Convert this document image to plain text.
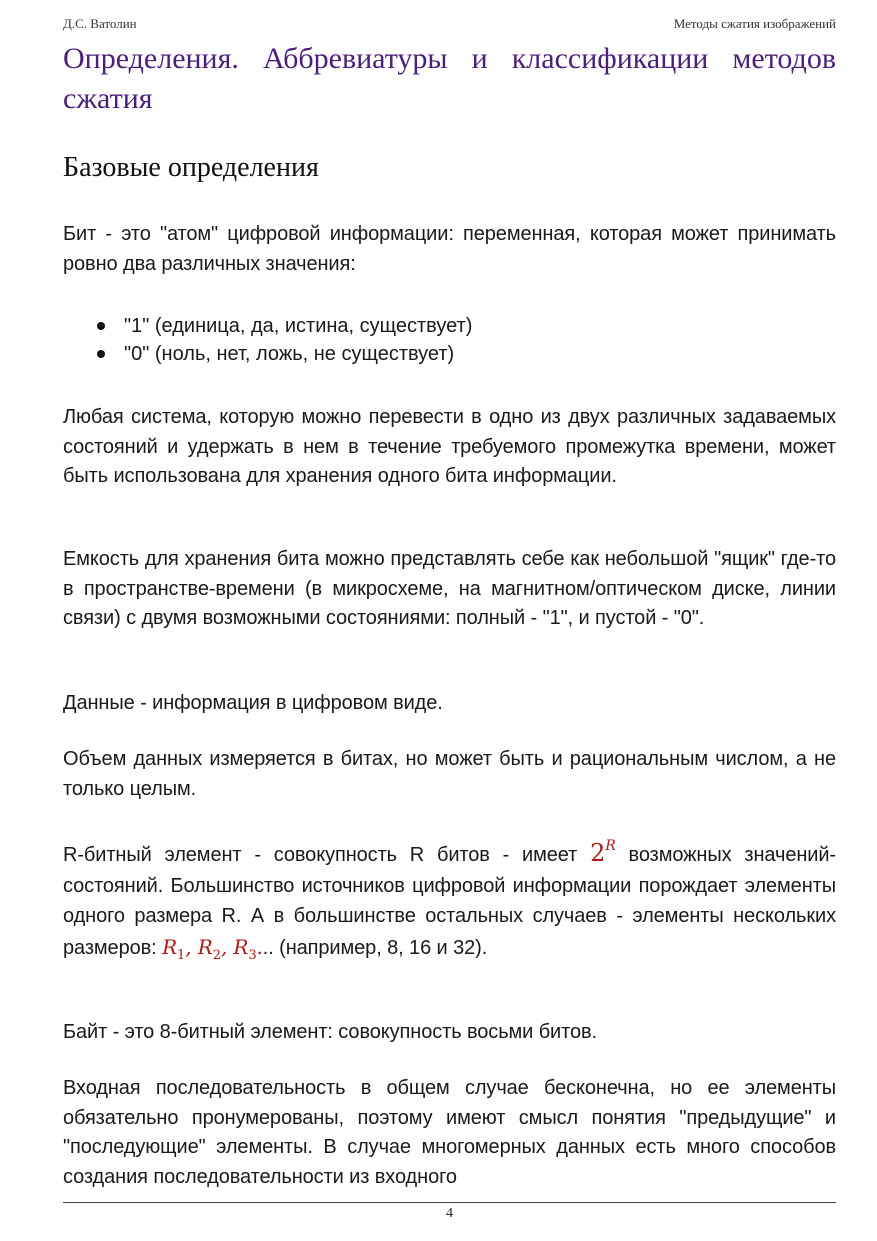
Д.С. Ватолин	Методы сжатия изображений
Определения. Аббревиатуры и классификации методов сжатия
Базовые определения

Бит - это "атом" цифровой информации: переменная, которая может принимать ровно два различных значения:

"1" (единица, да, истина, существует)
"0" (ноль, нет, ложь, не существует)

Любая система, которую можно перевести в одно из двух различных задаваемых состояний и удержать в нем в течение требуемого промежутка времени, может быть использована для хранения одного бита информации.

Емкость для хранения бита можно представлять себе как небольшой "ящик" где-то в пространстве-времени (в микросхеме, на магнитном/оптическом диске, линии связи) с двумя возможными состояниями: полный - "1", и пустой - "0".

Данные - информация в цифровом виде.

Объем данных измеряется в битах, но может быть и рациональным числом, а не только целым.

R-битный элемент - совокупность R битов - имеет $2^R$ возможных значений-состояний. Большинство источников цифровой информации порождает элементы одного размера R. А в большинстве остальных случаев - элементы нескольких размеров: $R_1$, $R_2$, $R_3$... (например, 8, 16 и 32).

Байт - это 8-битный элемент: совокупность восьми битов.

Входная последовательность в общем случае бесконечна, но ее элементы обязательно пронумерованы, поэтому имеют смысл понятия "предыдущие" и "последующие" элементы. В случае многомерных данных есть много способов создания последовательности из входного

4
